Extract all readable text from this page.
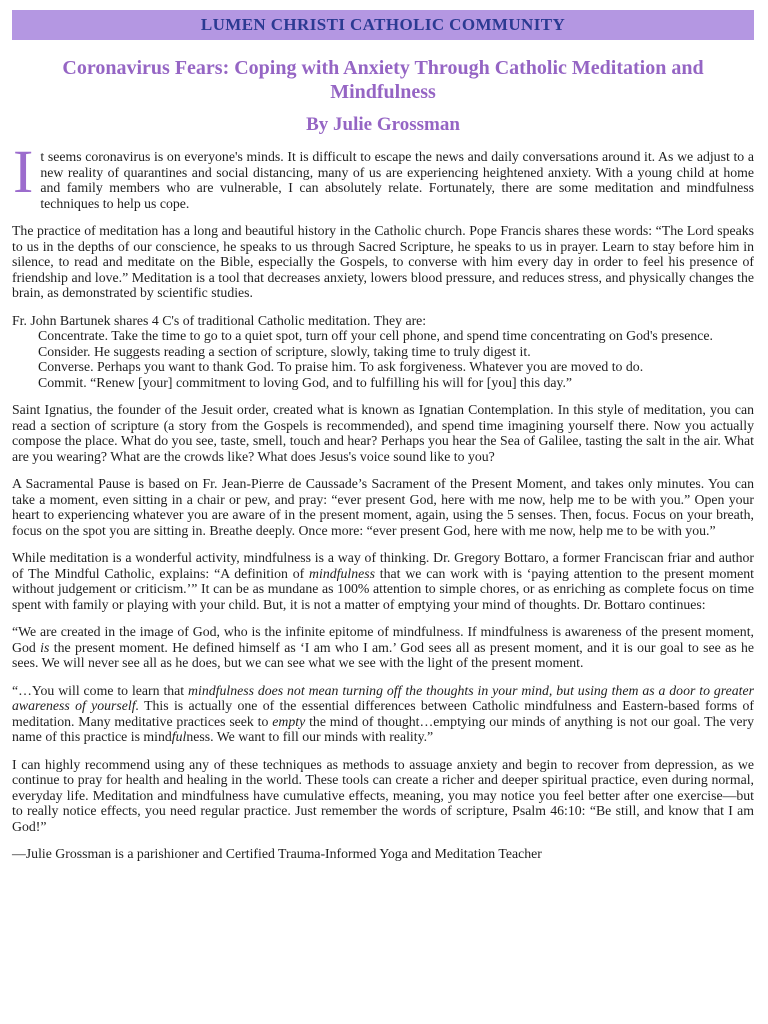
LUMEN CHRISTI CATHOLIC COMMUNITY
Coronavirus Fears: Coping with Anxiety Through Catholic Meditation and Mindfulness
By Julie Grossman

It seems coronavirus is on everyone's minds. It is difficult to escape the news and daily conversations around it. As we adjust to a new reality of quarantines and social distancing, many of us are experiencing heightened anxiety. With a young child at home and family members who are vulnerable, I can absolutely relate. Fortunately, there are some meditation and mindfulness techniques to help us cope.

The practice of meditation has a long and beautiful history in the Catholic church. Pope Francis shares these words: “The Lord speaks to us in the depths of our conscience, he speaks to us through Sacred Scripture, he speaks to us in prayer. Learn to stay before him in silence, to read and meditate on the Bible, especially the Gospels, to converse with him every day in order to feel his presence of friendship and love.” Meditation is a tool that decreases anxiety, lowers blood pressure, and reduces stress, and physically changes the brain, as demonstrated by scientific studies.

Fr. John Bartunek shares 4 C's of traditional Catholic meditation. They are:

Concentrate. Take the time to go to a quiet spot, turn off your cell phone, and spend time concentrating on God's presence.

Consider. He suggests reading a section of scripture, slowly, taking time to truly digest it.

Converse. Perhaps you want to thank God. To praise him. To ask forgiveness. Whatever you are moved to do.

Commit. “Renew [your] commitment to loving God, and to fulfilling his will for [you] this day.”

Saint Ignatius, the founder of the Jesuit order, created what is known as Ignatian Contemplation. In this style of meditation, you can read a section of scripture (a story from the Gospels is recommended), and spend time imagining yourself there. Now you actually compose the place. What do you see, taste, smell, touch and hear? Perhaps you hear the Sea of Galilee, tasting the salt in the air. What are you wearing? What are the crowds like? What does Jesus's voice sound like to you?

A Sacramental Pause is based on Fr. Jean-Pierre de Caussade’s Sacrament of the Present Moment, and takes only minutes. You can take a moment, even sitting in a chair or pew, and pray: “ever present God, here with me now, help me to be with you.” Open your heart to experiencing whatever you are aware of in the present moment, again, using the 5 senses. Then, focus. Focus on your breath, focus on the spot you are sitting in. Breathe deeply. Once more: “ever present God, here with me now, help me to be with you.”

While meditation is a wonderful activity, mindfulness is a way of thinking. Dr. Gregory Bottaro, a former Franciscan friar and author of The Mindful Catholic, explains: “A definition of mindfulness that we can work with is ‘paying attention to the present moment without judgement or criticism.’” It can be as mundane as 100% attention to simple chores, or as enriching as complete focus on time spent with family or playing with your child. But, it is not a matter of emptying your mind of thoughts. Dr. Bottaro continues:

“We are created in the image of God, who is the infinite epitome of mindfulness. If mindfulness is awareness of the present moment, God is the present moment. He defined himself as ‘I am who I am.’ God sees all as present moment, and it is our goal to see as he sees. We will never see all as he does, but we can see what we see with the light of the present moment.

“…You will come to learn that mindfulness does not mean turning off the thoughts in your mind, but using them as a door to greater awareness of yourself. This is actually one of the essential differences between Catholic mindfulness and Eastern-based forms of meditation. Many meditative practices seek to empty the mind of thought…emptying our minds of anything is not our goal. The very name of this practice is mindfulness. We want to fill our minds with reality.”

I can highly recommend using any of these techniques as methods to assuage anxiety and begin to recover from depression, as we continue to pray for health and healing in the world. These tools can create a richer and deeper spiritual practice, even during normal, everyday life. Meditation and mindfulness have cumulative effects, meaning, you may notice you feel better after one exercise—but to really notice effects, you need regular practice. Just remember the words of scripture, Psalm 46:10: “Be still, and know that I am God!”

—Julie Grossman is a parishioner and Certified Trauma-Informed Yoga and Meditation Teacher
